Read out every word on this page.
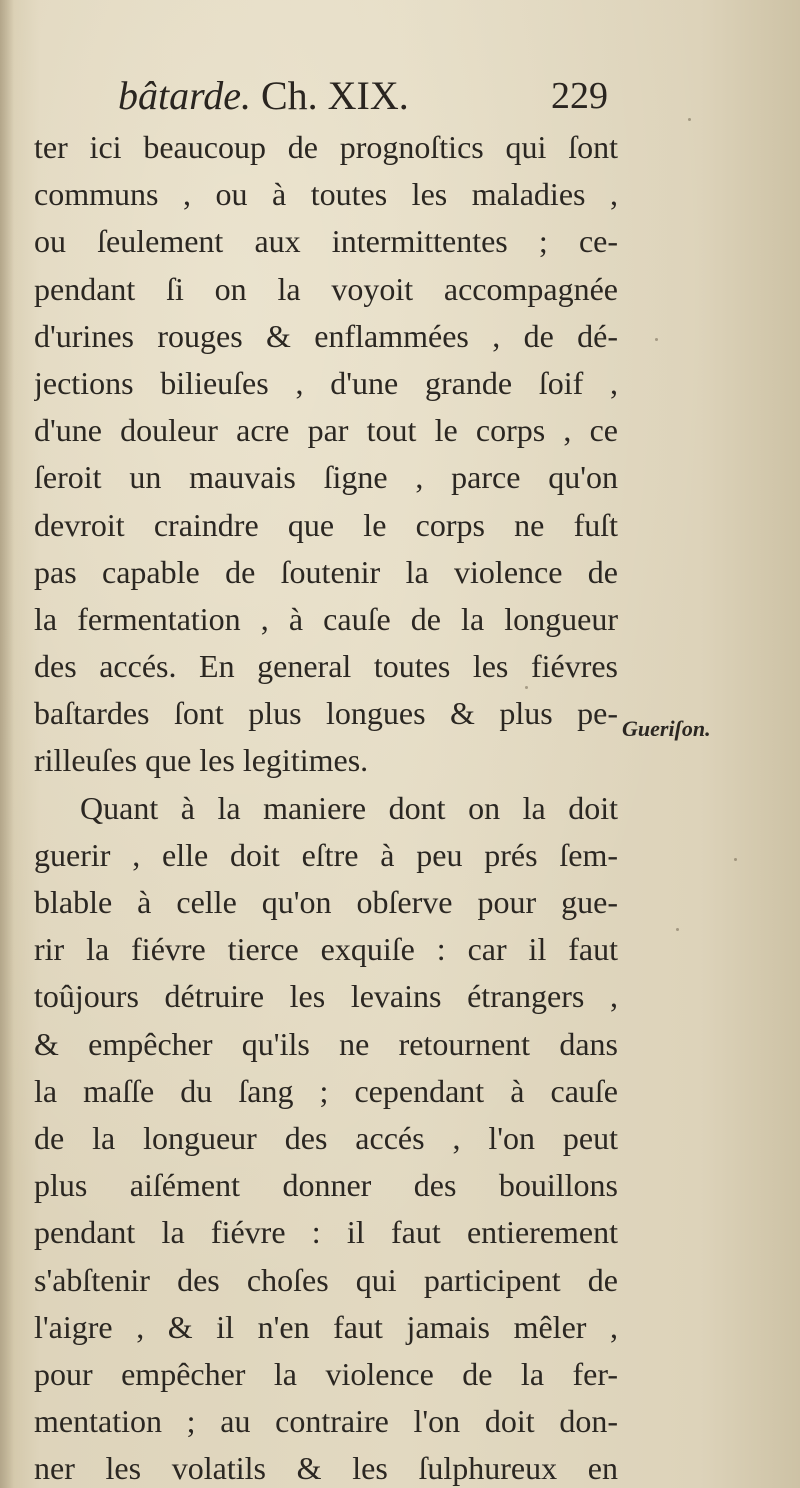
bâtarde. Ch. XIX.	229
ter ici beaucoup de prognoſtics qui ſont
communs , ou à toutes les maladies ,
ou ſeulement aux intermittentes ; ce-
pendant ſi on la voyoit accompagnée
d'urines rouges & enflammées , de dé-
jections bilieuſes , d'une grande ſoif ,
d'une douleur acre par tout le corps , ce
ſeroit un mauvais ſigne , parce qu'on
devroit craindre que le corps ne fuſt
pas capable de ſoutenir la violence de
la fermentation , à cauſe de la longueur
des accés. En general toutes les fiévres
baſtardes ſont plus longues & plus pe-
rilleuſes que les legitimes.
Quant à la maniere dont on la doit
guerir , elle doit eſtre à peu prés ſem-
blable à celle qu'on obſerve pour gue-
rir la fiévre tierce exquiſe : car il faut
toûjours détruire les levains étrangers ,
& empêcher qu'ils ne retournent dans
la maſſe du ſang ; cependant à cauſe
de la longueur des accés , l'on peut
plus aiſément donner des bouillons
pendant la fiévre : il faut entierement
s'abſtenir des choſes qui participent de
l'aigre , & il n'en faut jamais mêler ,
pour empêcher la violence de la fer-
mentation ; au contraire l'on doit don-
ner les volatils & les ſulphureux en
Gueriſon.
